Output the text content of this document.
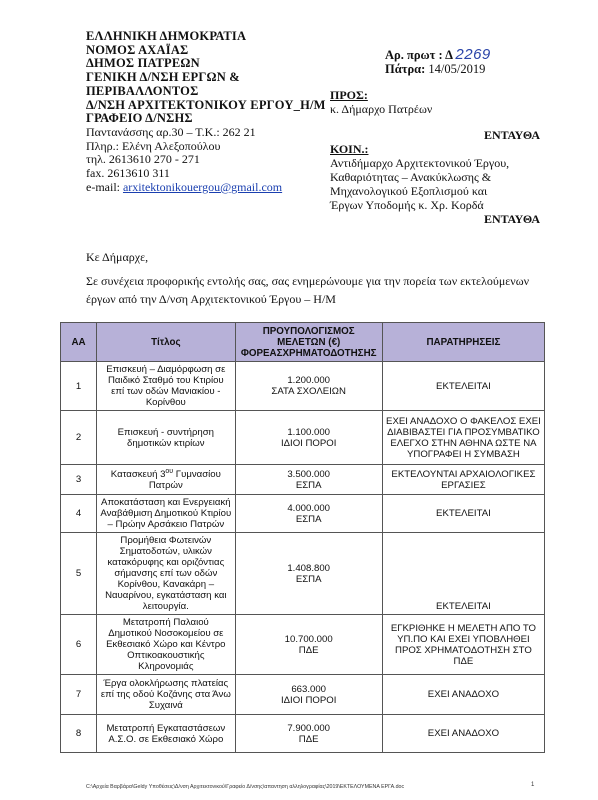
ΕΛΛΗΝΙΚΗ ΔΗΜΟΚΡΑΤΙΑ
ΝΟΜΟΣ ΑΧΑΪΑΣ
ΔΗΜΟΣ ΠΑΤΡΕΩΝ
ΓΕΝΙΚΗ Δ/ΝΣΗ ΕΡΓΩΝ &
ΠΕΡΙΒΑΛΛΟΝΤΟΣ
Δ/ΝΣΗ ΑΡΧΙΤΕΚΤΟΝΙΚΟΥ ΕΡΓΟΥ_Η/Μ
ΓΡΑΦΕΙΟ Δ/ΝΣΗΣ
Παντανάσσης αρ.30 – Τ.Κ.: 262 21
Πληρ.: Ελένη Αλεξοπούλου
τηλ. 2613610 270 - 271
fax. 2613610 311
e-mail: arxitektonikouergou@gmail.com
Αρ. πρωτ : Δ 2269
Πάτρα: 14/05/2019
ΠΡΟΣ:
κ. Δήμαρχο Πατρέων
ΕΝΤΑΥΘΑ
ΚΟΙΝ.:
Αντιδήμαρχο Αρχιτεκτονικού Έργου,
Καθαριότητας – Ανακύκλωσης &
Μηχανολογικού Εξοπλισμού και
Έργων Υποδομής κ. Χρ. Κορδά
ΕΝΤΑΥΘΑ
Κε Δήμαρχε,
Σε συνέχεια προφορικής εντολής σας, σας ενημερώνουμε για την πορεία των εκτελούμενων
έργων από την Δ/νση Αρχιτεκτονικού Έργου – Η/Μ
ΑΑ	Τίτλος	ΠΡΟΥΠΟΛΟΓΙΣΜΟΣ ΜΕΛΕΤΩΝ (€) ΦΟΡΕΑΣΧΡΗΜΑΤΟΔΟΤΗΣΗΣ	ΠΑΡΑΤΗΡΗΣΕΙΣ
1	Επισκευή – Διαμόρφωση σε Παιδικό Σταθμό του Κτιρίου επί των οδών Μανιακίου - Κορίνθου	1.200.000
ΣΑΤΑ ΣΧΟΛΕΙΩΝ	ΕΚΤΕΛΕΙΤΑΙ
2	Επισκευή - συντήρηση δημοτικών κτιρίων	1.100.000
ΙΔΙΟΙ ΠΟΡΟΙ	ΕΧΕΙ ΑΝΑΔΟΧΟ Ο ΦΑΚΕΛΟΣ ΕΧΕΙ ΔΙΑΒΙΒΑΣΤΕΙ ΓΙΑ ΠΡΟΣΥΜΒΑΤΙΚΟ ΕΛΕΓΧΟ ΣΤΗΝ ΑΘΗΝΑ ΩΣΤΕ ΝΑ ΥΠΟΓΡΑΦΕΙ Η ΣΥΜΒΑΣΗ
3	Κατασκευή $3^{o\upsilon}$ Γυμνασίου Πατρών	3.500.000
ΕΣΠΑ	ΕΚΤΕΛΟΥΝΤΑΙ ΑΡΧΑΙΟΛΟΓΙΚΕΣ ΕΡΓΑΣΙΕΣ
4	Αποκατάσταση και Ενεργειακή Αναβάθμιση Δημοτικού Κτιρίου – Πρώην Αρσάκειο Πατρών	4.000.000
ΕΣΠΑ	ΕΚΤΕΛΕΙΤΑΙ
5	Προμήθεια Φωτεινών Σηματοδοτών, υλικών κατακόρυφης και οριζόντιας σήμανσης επί των οδών Κορίνθου, Κανακάρη – Ναυαρίνου, εγκατάσταση και λειτουργία.	1.408.800
ΕΣΠΑ	ΕΚΤΕΛΕΙΤΑΙ
6	Μετατροπή Παλαιού Δημοτικού Νοσοκομείου σε Εκθεσιακό Χώρο και Κέντρο Οπτικοακουστικής Κληρονομιάς	10.700.000
ΠΔΕ	ΕΓΚΡΙΘΗΚΕ Η ΜΕΛΕΤΗ ΑΠΟ ΤΟ ΥΠ.ΠΟ ΚΑΙ ΕΧΕΙ ΥΠΟΒΛΗΘΕΙ ΠΡΟΣ ΧΡΗΜΑΤΟΔΟΤΗΣΗ ΣΤΟ ΠΔΕ
7	Έργα ολοκλήρωσης πλατείας επί της οδού Κοζάνης στα Άνω Συχαινά	663.000
ΙΔΙΟΙ ΠΟΡΟΙ	ΕΧΕΙ ΑΝΑΔΟΧΟ
8	Μετατροπή Εγκαταστάσεων Α.Σ.Ο. σε Εκθεσιακό Χώρο	7.900.000
ΠΔΕ	ΕΧΕΙ ΑΝΑΔΟΧΟ
C:\Αρχεία Βαρβάρα\Geldy Υποθέσεις\Δ/νση Αρχιτεκτονικού\Γραφείο Δ/νσης\απαντηση αλληλογραφίας\2019\ΕΚΤΕΛΟΥΜΕΝΑ ΕΡΓΑ.doc	1
